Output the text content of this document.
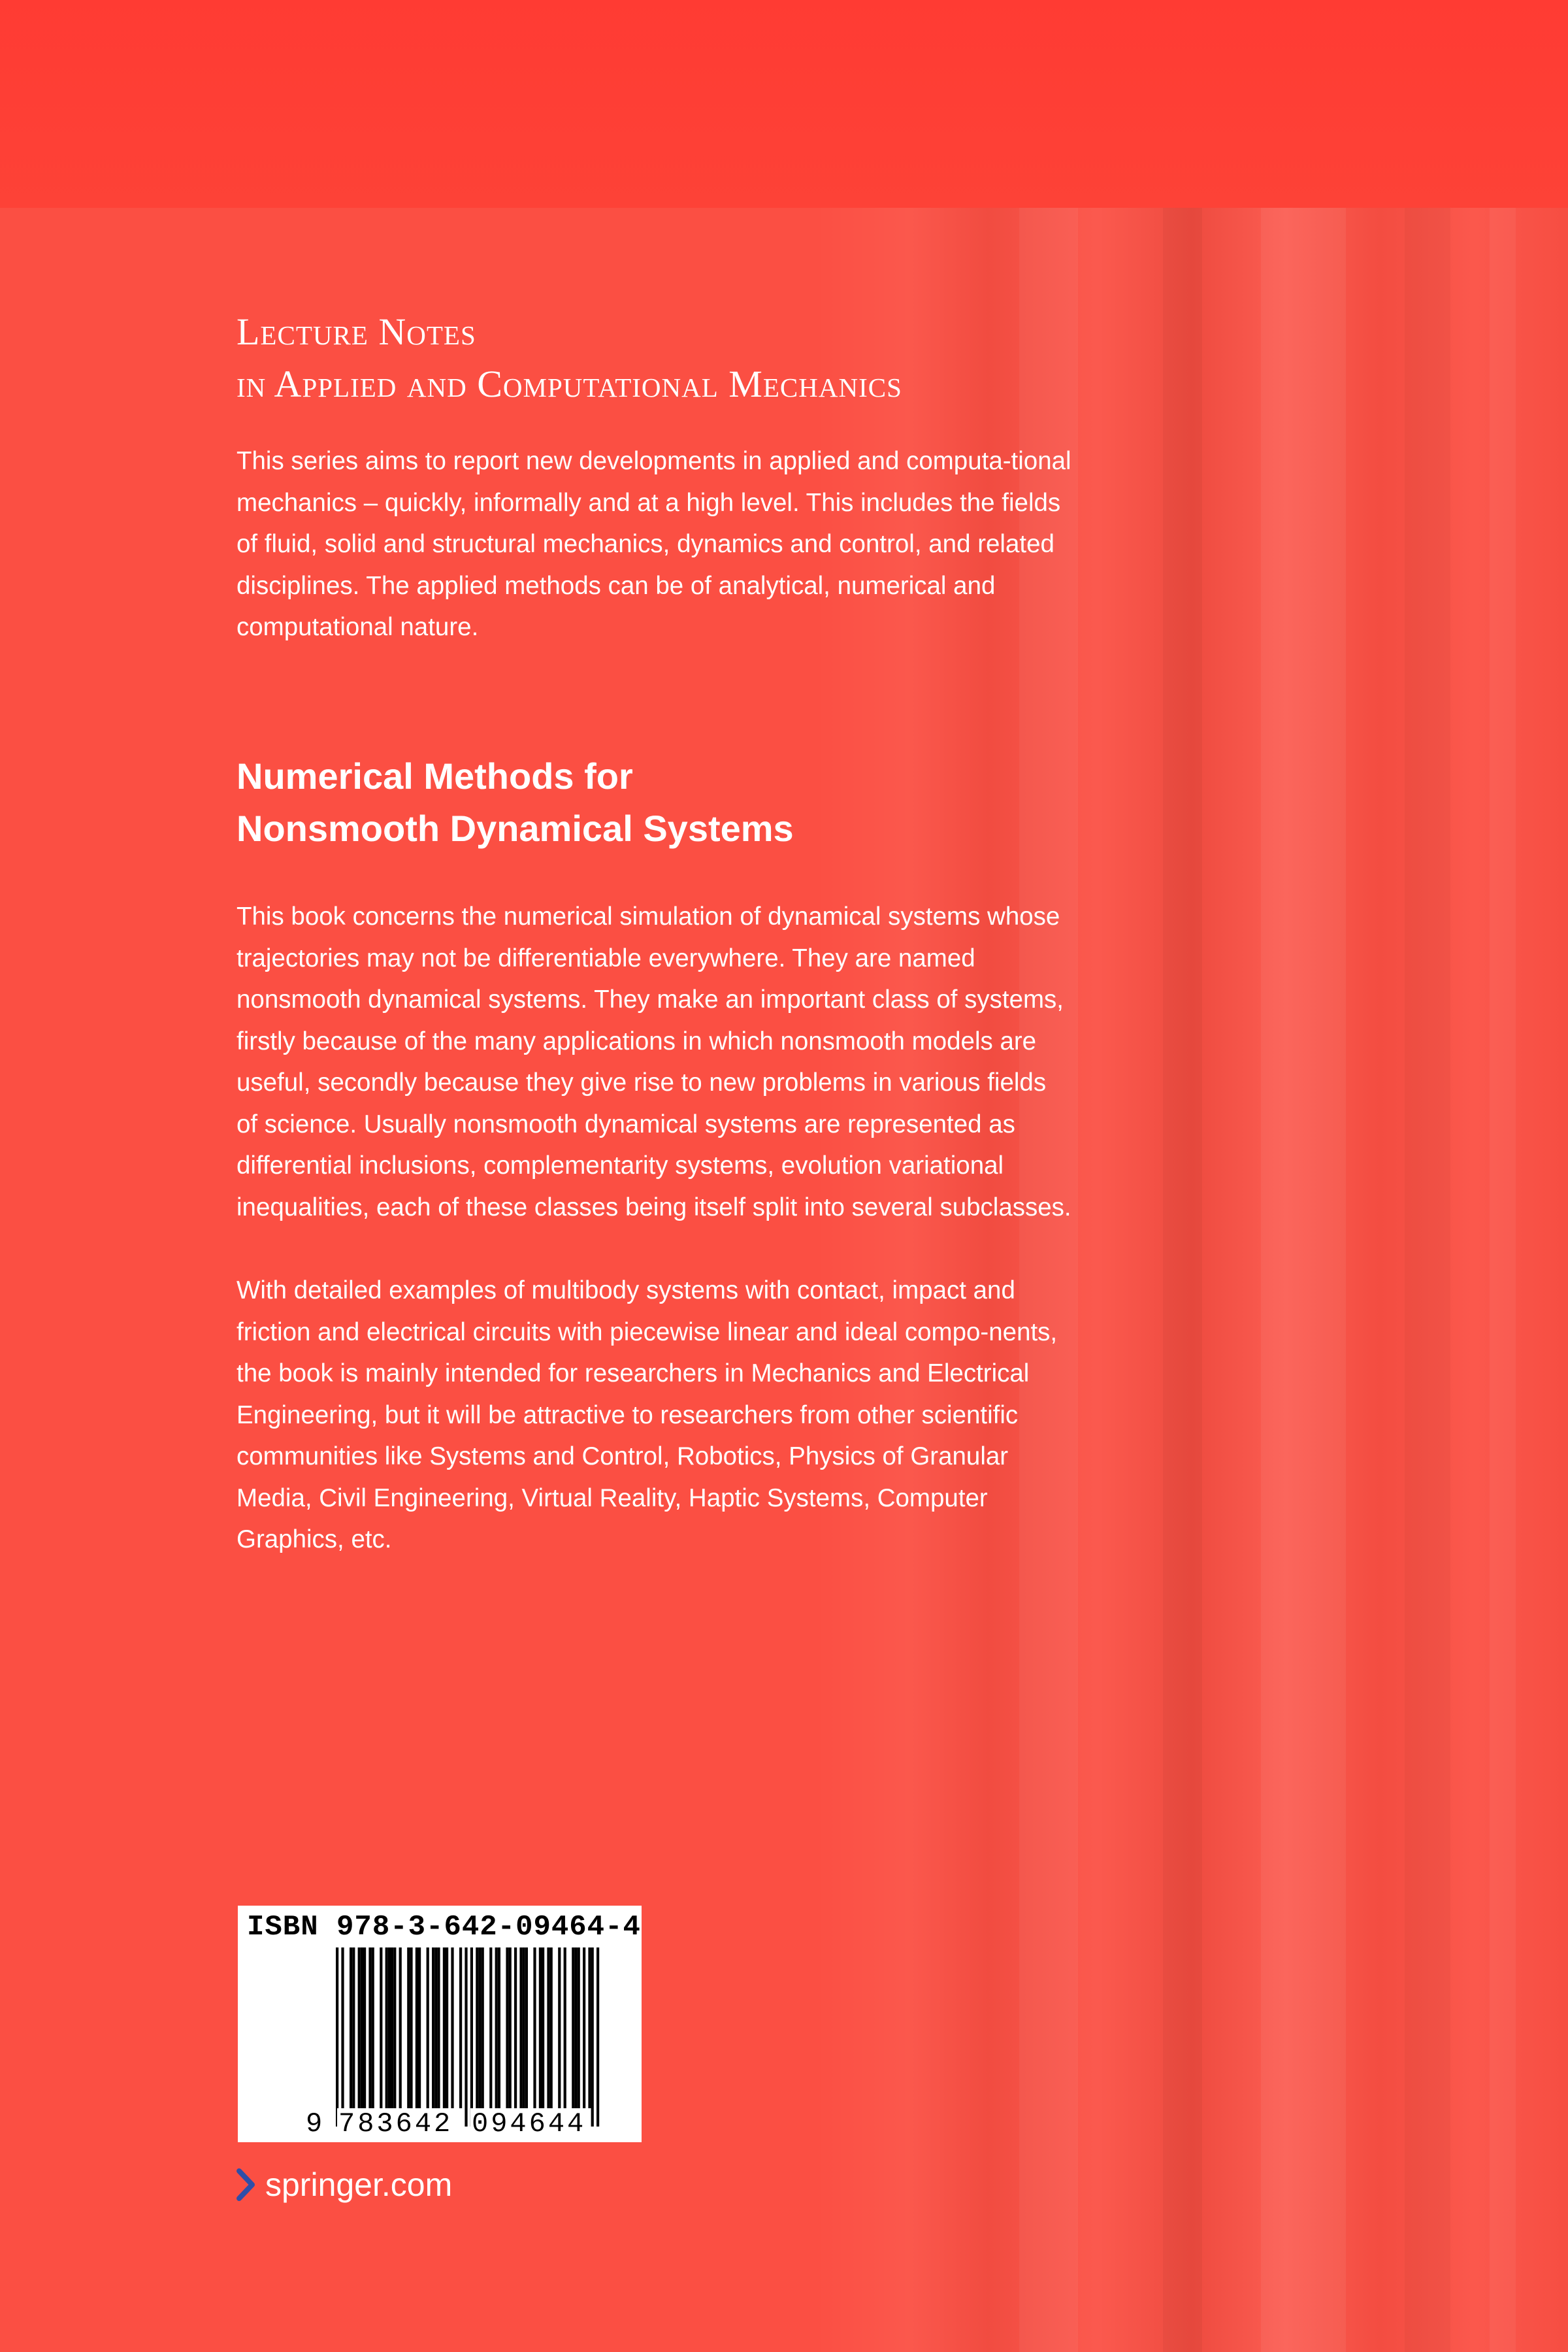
Lecture Notes
in Applied and Computational Mechanics

This series aims to report new developments in applied and computa-tional mechanics – quickly, informally and at a high level. This includes the fields of fluid, solid and structural mechanics, dynamics and control, and related disciplines. The applied methods can be of analytical, numerical and computational nature.

Numerical Methods for
Nonsmooth Dynamical Systems

This book concerns the numerical simulation of dynamical systems whose trajectories may not be differentiable everywhere. They are named nonsmooth dynamical systems. They make an important class of systems, firstly because of the many applications in which nonsmooth models are useful, secondly because they give rise to new problems in various fields of science. Usually nonsmooth dynamical systems are represented as differential inclusions, complementarity systems, evolution variational inequalities, each of these classes being itself split into several subclasses.

With detailed examples of multibody systems with contact, impact and friction and electrical circuits with piecewise linear and ideal compo-nents, the book is mainly intended for researchers in Mechanics and Electrical Engineering, but it will be attractive to researchers from other scientific communities like Systems and Control, Robotics, Physics of Granular Media, Civil Engineering, Virtual Reality, Haptic Systems, Computer Graphics, etc.

ISBN 978-3-642-09464-4
9 783642 094644
springer.com
